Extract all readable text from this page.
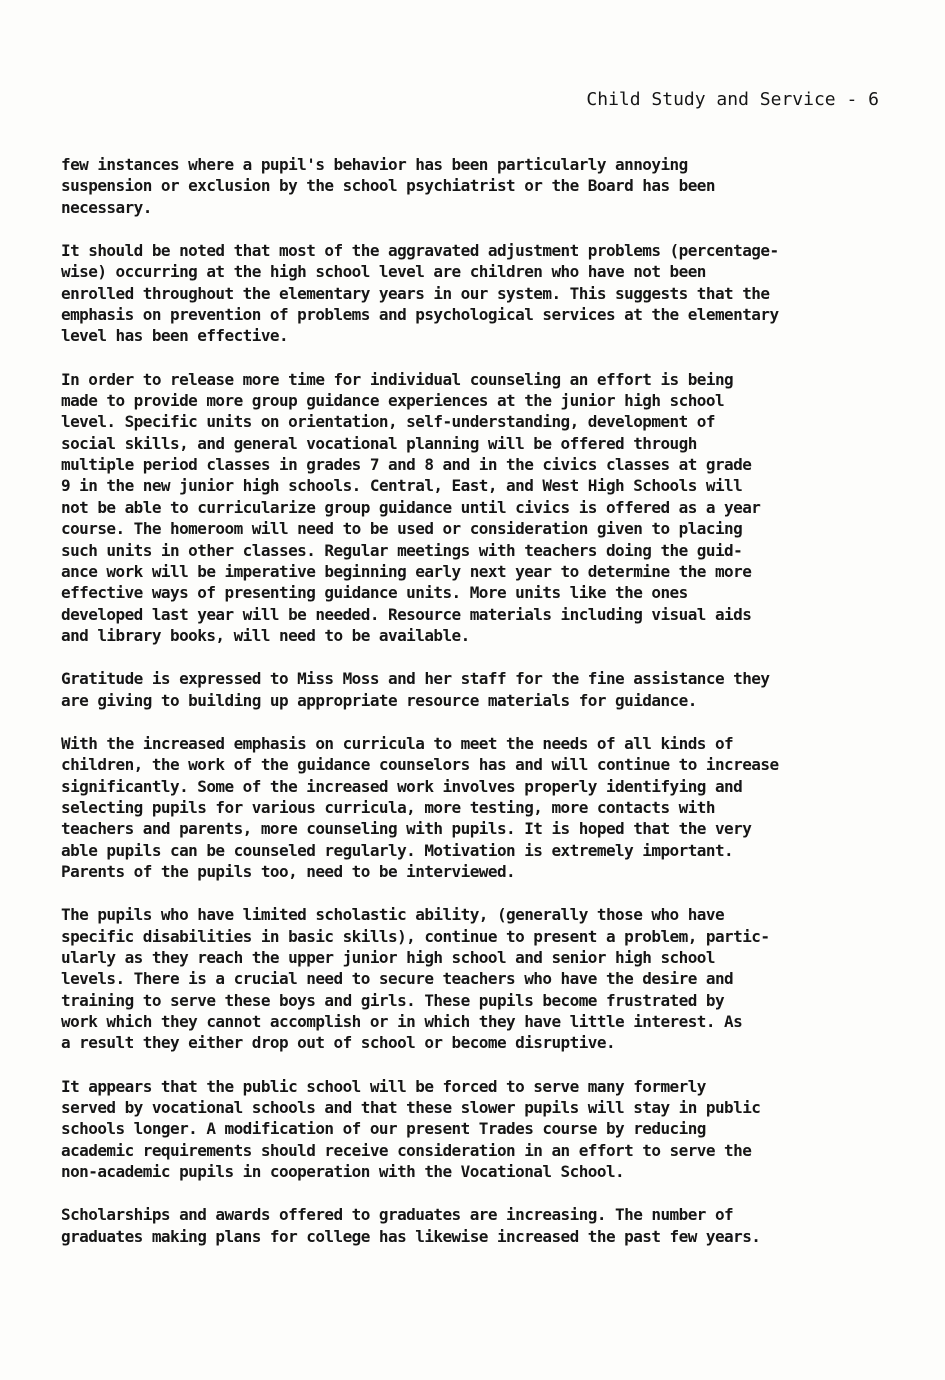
Child Study and Service - 6
few instances where a pupil's behavior has been particularly annoying
suspension or exclusion by the school psychiatrist or the Board has been
necessary.
It should be noted that most of the aggravated adjustment problems (percentage-
wise) occurring at the high school level are children who have not been
enrolled throughout the elementary years in our system. This suggests that the
emphasis on prevention of problems and psychological services at the elementary
level has been effective.
In order to release more time for individual counseling an effort is being
made to provide more group guidance experiences at the junior high school
level. Specific units on orientation, self-understanding, development of
social skills, and general vocational planning will be offered through
multiple period classes in grades 7 and 8 and in the civics classes at grade
9 in the new junior high schools. Central, East, and West High Schools will
not be able to curricularize group guidance until civics is offered as a year
course. The homeroom will need to be used or consideration given to placing
such units in other classes. Regular meetings with teachers doing the guid-
ance work will be imperative beginning early next year to determine the more
effective ways of presenting guidance units. More units like the ones
developed last year will be needed. Resource materials including visual aids
and library books, will need to be available.
Gratitude is expressed to Miss Moss and her staff for the fine assistance they
are giving to building up appropriate resource materials for guidance.
With the increased emphasis on curricula to meet the needs of all kinds of
children, the work of the guidance counselors has and will continue to increase
significantly. Some of the increased work involves properly identifying and
selecting pupils for various curricula, more testing, more contacts with
teachers and parents, more counseling with pupils. It is hoped that the very
able pupils can be counseled regularly. Motivation is extremely important.
Parents of the pupils too, need to be interviewed.
The pupils who have limited scholastic ability, (generally those who have
specific disabilities in basic skills), continue to present a problem, partic-
ularly as they reach the upper junior high school and senior high school
levels. There is a crucial need to secure teachers who have the desire and
training to serve these boys and girls. These pupils become frustrated by
work which they cannot accomplish or in which they have little interest. As
a result they either drop out of school or become disruptive.
It appears that the public school will be forced to serve many formerly
served by vocational schools and that these slower pupils will stay in public
schools longer. A modification of our present Trades course by reducing
academic requirements should receive consideration in an effort to serve the
non-academic pupils in cooperation with the Vocational School.
Scholarships and awards offered to graduates are increasing. The number of
graduates making plans for college has likewise increased the past few years.
